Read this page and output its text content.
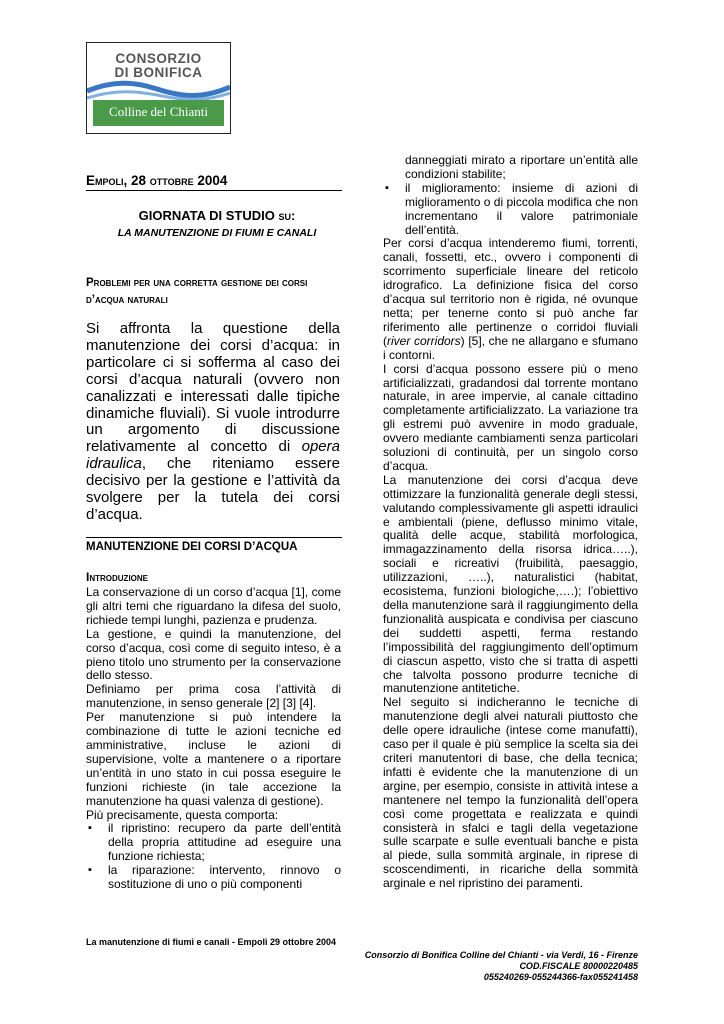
CONSORZIO
DI BONIFICA
Colline del Chianti
Empoli, 28 ottobre 2004
GIORNATA DI STUDIO su:
LA MANUTENZIONE DI FIUMI E CANALI
Problemi per una corretta gestione dei corsi d’acqua naturali
Si affronta la questione della manutenzione dei corsi d’acqua: in particolare ci si sofferma al caso dei corsi d’acqua naturali (ovvero non canalizzati e interessati dalle tipiche dinamiche fluviali). Si vuole introdurre un argomento di discussione relativamente al concetto di opera idraulica, che riteniamo essere decisivo per la gestione e l’attività da svolgere per la tutela dei corsi d’acqua.
MANUTENZIONE DEI CORSI D’ACQUA
Introduzione

La conservazione di un corso d’acqua [1], come gli altri temi che riguardano la difesa del suolo, richiede tempi lunghi, pazienza e prudenza.

La gestione, e quindi la manutenzione, del corso d’acqua, così come di seguito inteso, è a pieno titolo uno strumento per la conservazione dello stesso.

Definiamo per prima cosa l’attività di manutenzione, in senso generale [2] [3] [4].

Per manutenzione si può intendere la combinazione di tutte le azioni tecniche ed amministrative, incluse le azioni di supervisione, volte a mantenere o a riportare un’entità in uno stato in cui possa eseguire le funzioni richieste (in tale accezione la manutenzione ha quasi valenza di gestione).

Più precisamente, questa comporta:

▪ il ripristino: recupero da parte dell’entità della propria attitudine ad eseguire una funzione richiesta;
▪ la riparazione: intervento, rinnovo o sostituzione di uno o più componenti

danneggiati mirato a riportare un’entità alle condizioni stabilite;

▪ il miglioramento: insieme di azioni di miglioramento o di piccola modifica che non incrementano il valore patrimoniale dell’entità.

Per corsi d’acqua intenderemo fiumi, torrenti, canali, fossetti, etc., ovvero i componenti di scorrimento superficiale lineare del reticolo idrografico. La definizione fisica del corso d’acqua sul territorio non è rigida, né ovunque netta; per tenerne conto si può anche far riferimento alle pertinenze o corridoi fluviali (river corridors) [5], che ne allargano e sfumano i contorni.

I corsi d’acqua possono essere più o meno artificializzati, gradandosi dal torrente montano naturale, in aree impervie, al canale cittadino completamente artificializzato. La variazione tra gli estremi può avvenire in modo graduale, ovvero mediante cambiamenti senza particolari soluzioni di continuità, per un singolo corso d’acqua.

La manutenzione dei corsi d’acqua deve ottimizzare la funzionalità generale degli stessi, valutando complessivamente gli aspetti idraulici e ambientali (piene, deflusso minimo vitale, qualità delle acque, stabilità morfologica, immagazzinamento della risorsa idrica…..), sociali e ricreativi (fruibilità, paesaggio, utilizzazioni, …..), naturalistici (habitat, ecosistema, funzioni biologiche,….); l’obiettivo della manutenzione sarà il raggiungimento della funzionalità auspicata e condivisa per ciascuno dei suddetti aspetti, ferma restando l’impossibilità del raggiungimento dell’optimum di ciascun aspetto, visto che si tratta di aspetti che talvolta possono produrre tecniche di manutenzione antitetiche.

Nel seguito si indicheranno le tecniche di manutenzione degli alvei naturali piuttosto che delle opere idrauliche (intese come manufatti), caso per il quale è più semplice la scelta sia dei criteri manutentori di base, che della tecnica; infatti è evidente che la manutenzione di un argine, per esempio, consiste in attività intese a mantenere nel tempo la funzionalità dell’opera così come progettata e realizzata e quindi consisterà in sfalci e tagli della vegetazione sulle scarpate e sulle eventuali banche e pista al piede, sulla sommità arginale, in riprese di scoscendimenti, in ricariche della sommità arginale e nel ripristino dei paramenti.

La manutenzione di fiumi e canali - Empoli 29 ottobre 2004
Consorzio di Bonifica Colline del Chianti - via Verdi, 16 - Firenze
COD.FISCALE 80000220485
055240269-055244366-fax055241458
